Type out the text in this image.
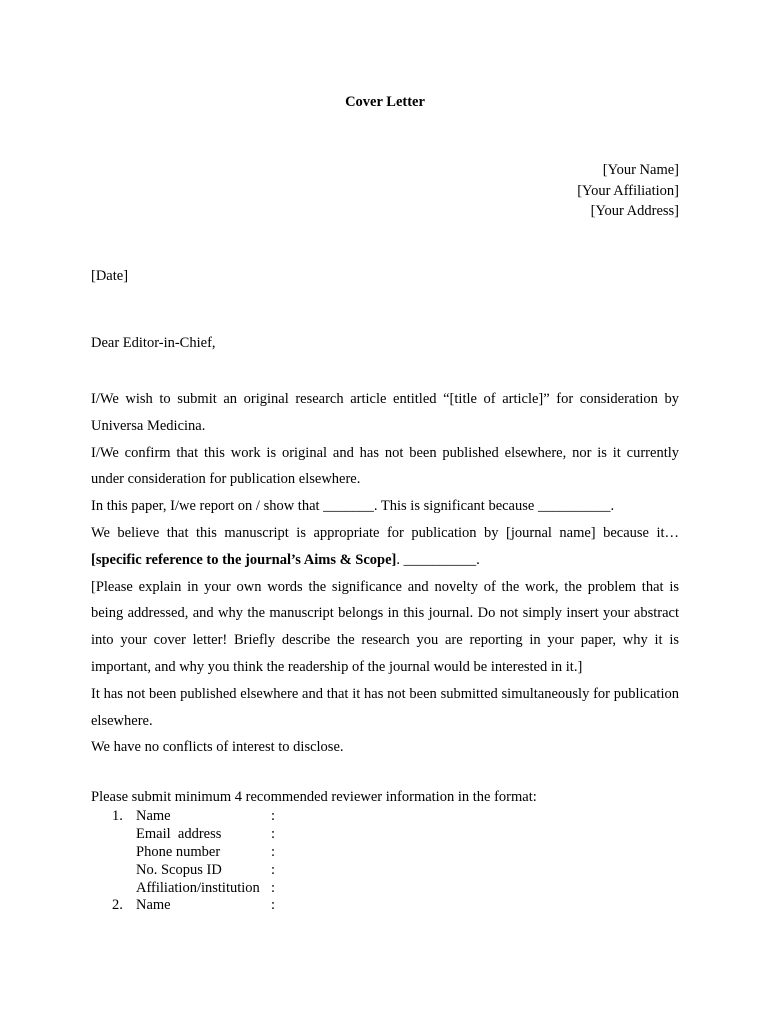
Cover Letter
[Your Name]
[Your Affiliation]
[Your Address]
[Date]
Dear Editor-in-Chief,

I/We wish to submit an original research article entitled “[title of article]” for consideration by Universa Medicina.

I/We confirm that this work is original and has not been published elsewhere, nor is it currently under consideration for publication elsewhere.

In this paper, I/we report on / show that _______. This is significant because __________.

We believe that this manuscript is appropriate for publication by [journal name] because it… [specific reference to the journal’s Aims & Scope]. __________.

[Please explain in your own words the significance and novelty of the work, the problem that is being addressed, and why the manuscript belongs in this journal. Do not simply insert your abstract into your cover letter! Briefly describe the research you are reporting in your paper, why it is important, and why you think the readership of the journal would be interested in it.]

It has not been published elsewhere and that it has not been submitted simultaneously for publication elsewhere.

We have no conflicts of interest to disclose.

Please submit minimum 4 recommended reviewer information in the format:
1. Name	:
Email  address	:
Phone number	:
No. Scopus ID	:
Affiliation/institution :
2. Name	:
